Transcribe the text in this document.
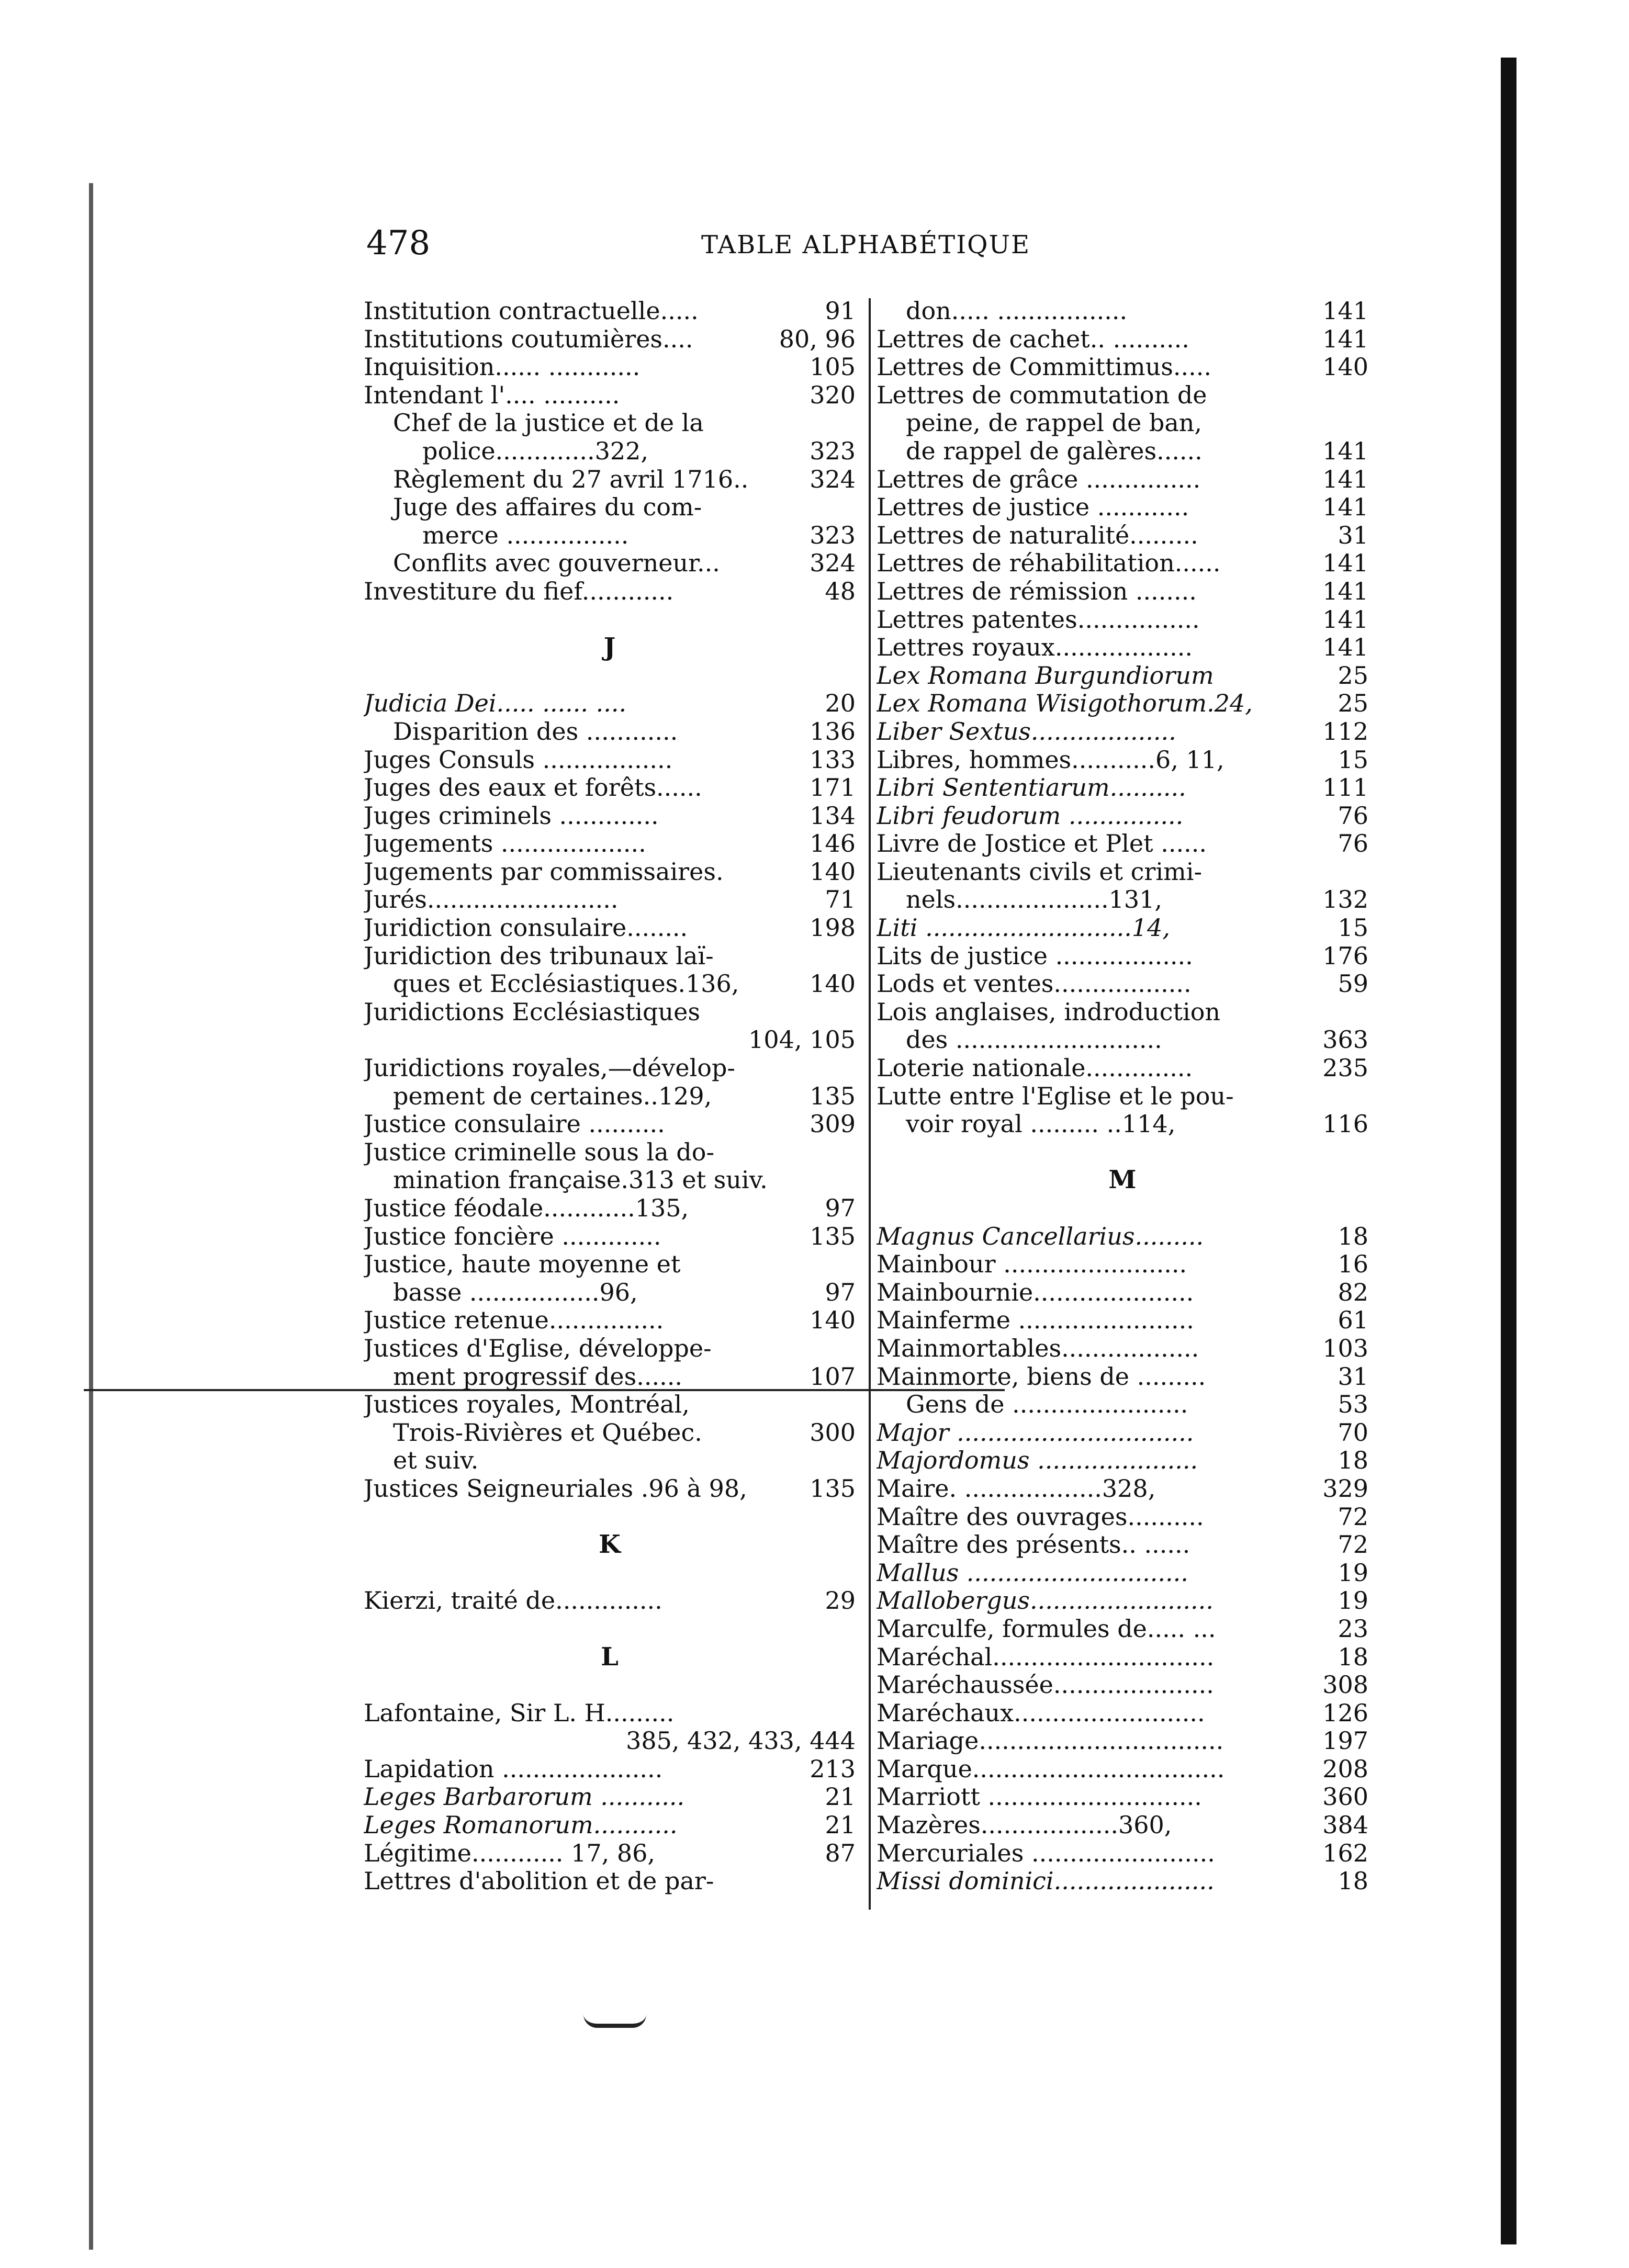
478	TABLE ALPHABÉTIQUE
Institution contractuelle.....	91
Institutions coutumières....	80, 96
Inquisition...... ............	105
Intendant l'.... ..........	320
Chef de la justice et de la
police.............322,	323
Règlement du 27 avril 1716..	324
Juge des affaires du com-
merce ................	323
Conflits avec gouverneur...	324
Investiture du fief............	48
J
Judicia Dei..... ...... ....	20
Disparition des ............	136
Juges Consuls .................	133
Juges des eaux et forêts......	171
Juges criminels .............	134
Jugements ...................	146
Jugements par commissaires.	140
Jurés.........................	71
Juridiction consulaire........	198
Juridiction des tribunaux laï-
ques et Ecclésiastiques.136,	140
Juridictions Ecclésiastiques
104, 105
Juridictions royales,—dévelop-
pement de certaines..129,	135
Justice consulaire ..........	309
Justice criminelle sous la do-
mination française.313 et suiv.
Justice féodale............135,	97
Justice foncière .............	135
Justice, haute moyenne et
basse .................96,	97
Justice retenue...............	140
Justices d'Eglise, développe-
ment progressif des......	107
Justices royales, Montréal,
Trois-Rivières et Québec.	300
et suiv.
Justices Seigneuriales .96 à 98,	135
K
Kierzi, traité de..............	29
L
Lafontaine, Sir L. H.........
385, 432, 433, 444
Lapidation .....................	213
Leges Barbarorum ...........	21
Leges Romanorum...........	21
Légitime............ 17, 86,	87
Lettres d'abolition et de par-
don..... .................	141
Lettres de cachet.. ..........	141
Lettres de Committimus.....	140
Lettres de commutation de
peine, de rappel de ban,
de rappel de galères......	141
Lettres de grâce ...............	141
Lettres de justice ............	141
Lettres de naturalité.........	31
Lettres de réhabilitation......	141
Lettres de rémission ........	141
Lettres patentes................	141
Lettres royaux..................	141
Lex Romana Burgundiorum	25
Lex Romana Wisigothorum.24,	25
Liber Sextus...................	112
Libres, hommes...........6, 11,	15
Libri Sententiarum..........	111
Libri feudorum ...............	76
Livre de Jostice et Plet ......	76
Lieutenants civils et crimi-
nels....................131,	132
Liti ...........................14,	15
Lits de justice ..................	176
Lods et ventes..................	59
Lois anglaises, indroduction
des ...........................	363
Loterie nationale..............	235
Lutte entre l'Eglise et le pou-
voir royal ......... ..114,	116
M
Magnus Cancellarius.........	18
Mainbour ........................	16
Mainbournie.....................	82
Mainferme .......................	61
Mainmortables..................	103
Mainmorte, biens de .........	31
Gens de .......................	53
Major ...............................	70
Majordomus .....................	18
Maire. ..................328,	329
Maître des ouvrages..........	72
Maître des présents.. ......	72
Mallus .............................	19
Mallobergus........................	19
Marculfe, formules de..... ...	23
Maréchal.............................	18
Maréchaussée.....................	308
Maréchaux.........................	126
Mariage................................	197
Marque.................................	208
Marriott ............................	360
Mazères..................360,	384
Mercuriales ........................	162
Missi dominici.....................	18
